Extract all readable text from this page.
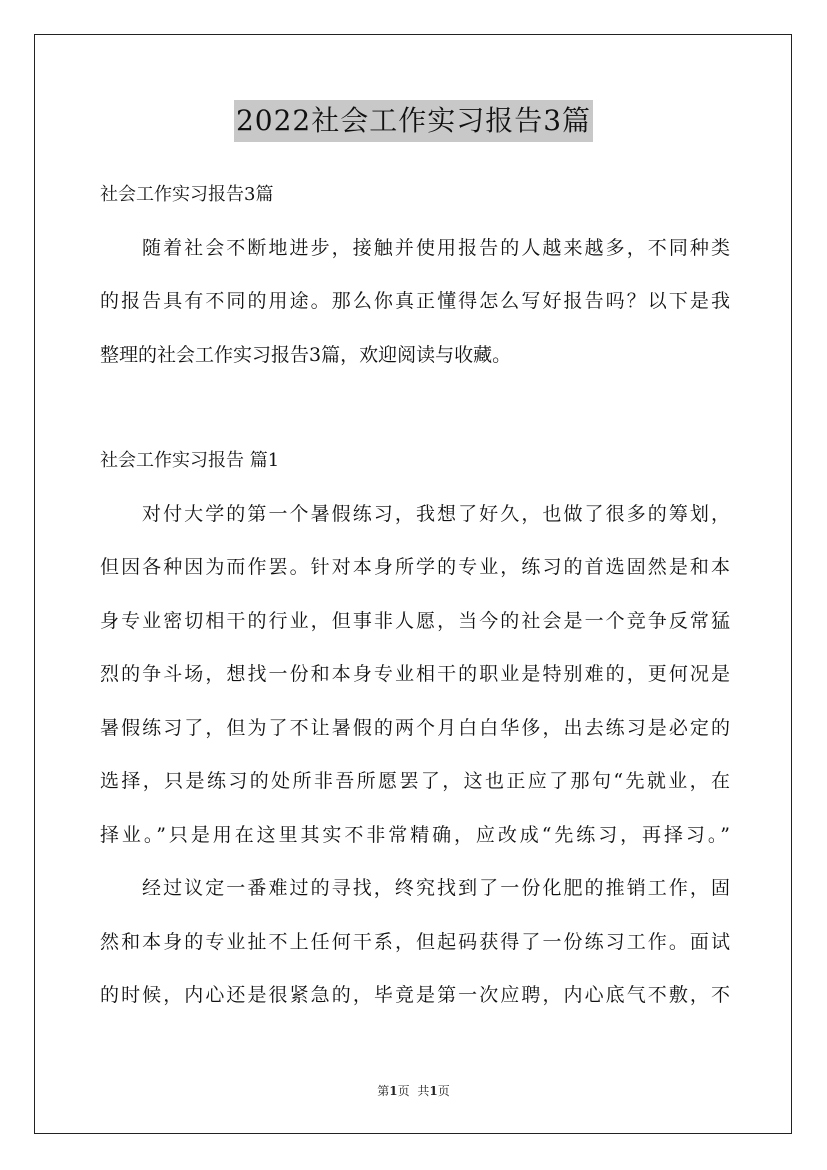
2022社会工作实习报告3篇
社会工作实习报告3篇
随着社会不断地进步，接触并使用报告的人越来越多，不同种类
的报告具有不同的用途。那么你真正懂得怎么写好报告吗？以下是我
整理的社会工作实习报告3篇，欢迎阅读与收藏。
社会工作实习报告 篇1
对付大学的第一个暑假练习，我想了好久，也做了很多的筹划，
但因各种因为而作罢。针对本身所学的专业，练习的首选固然是和本
身专业密切相干的行业，但事非人愿，当今的社会是一个竞争反常猛
烈的争斗场，想找一份和本身专业相干的职业是特别难的，更何况是
暑假练习了，但为了不让暑假的两个月白白华侈，出去练习是必定的
选择，只是练习的处所非吾所愿罢了，这也正应了那句“先就业，在
择业。”只是用在这里其实不非常精确，应改成“先练习，再择习。”
经过议定一番难过的寻找，终究找到了一份化肥的推销工作，固
然和本身的专业扯不上任何干系，但起码获得了一份练习工作。面试
的时候，内心还是很紧急的，毕竟是第一次应聘，内心底气不敷，不
第1页 共1页
